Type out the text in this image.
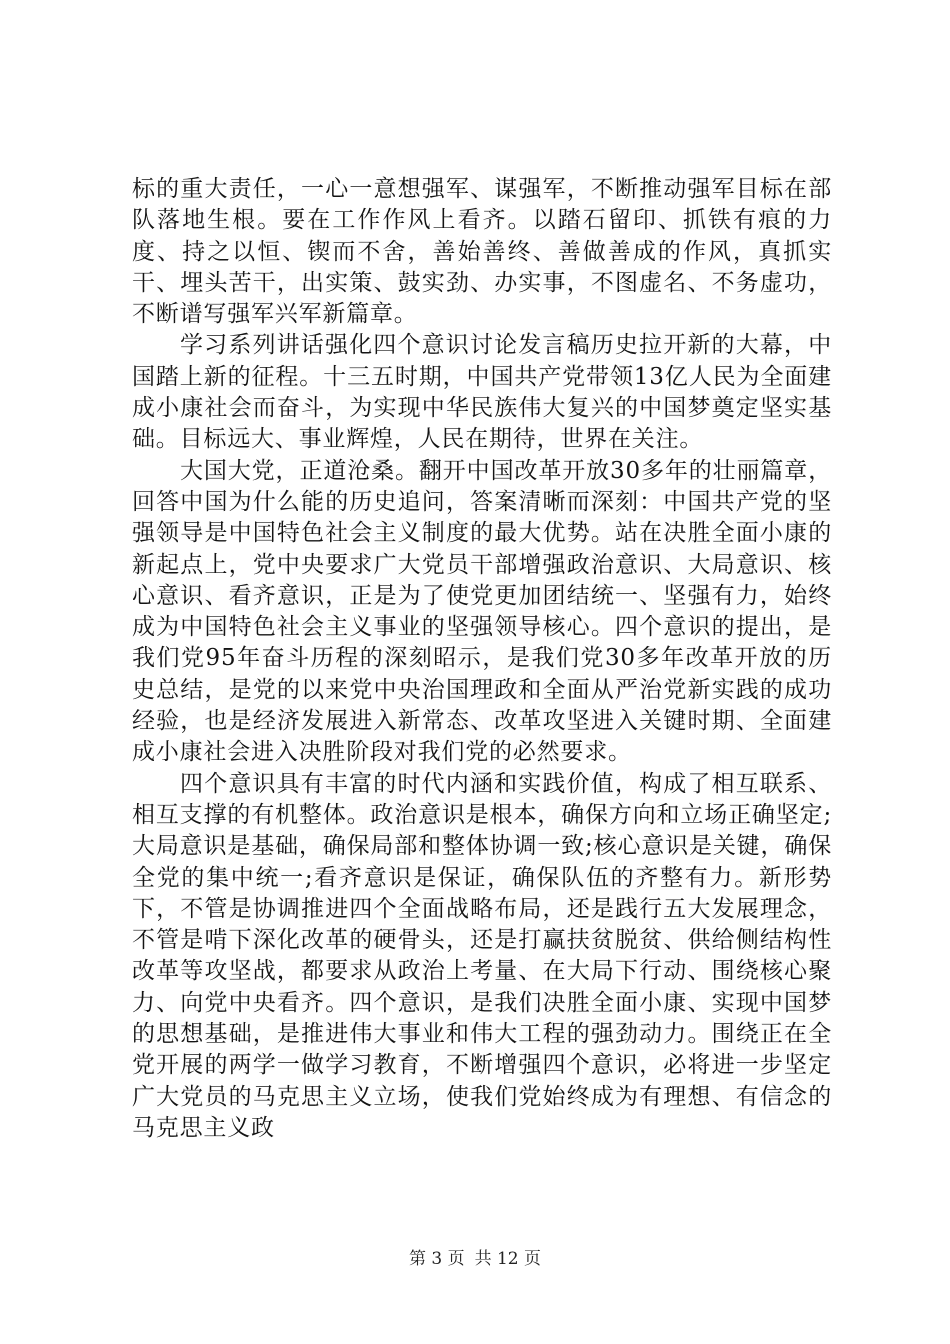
标的重大责任，一心一意想强军、谋强军，不断推动强军目标在部队落地生根。要在工作作风上看齐。以踏石留印、抓铁有痕的力度、持之以恒、锲而不舍，善始善终、善做善成的作风，真抓实干、埋头苦干，出实策、鼓实劲、办实事，不图虚名、不务虚功，不断谱写强军兴军新篇章。

学习系列讲话强化四个意识讨论发言稿历史拉开新的大幕，中国踏上新的征程。十三五时期，中国共产党带领13亿人民为全面建成小康社会而奋斗，为实现中华民族伟大复兴的中国梦奠定坚实基础。目标远大、事业辉煌，人民在期待，世界在关注。

大国大党，正道沧桑。翻开中国改革开放30多年的壮丽篇章，回答中国为什么能的历史追问，答案清晰而深刻：中国共产党的坚强领导是中国特色社会主义制度的最大优势。站在决胜全面小康的新起点上，党中央要求广大党员干部增强政治意识、大局意识、核心意识、看齐意识，正是为了使党更加团结统一、坚强有力，始终成为中国特色社会主义事业的坚强领导核心。四个意识的提出，是我们党95年奋斗历程的深刻昭示，是我们党30多年改革开放的历史总结，是党的以来党中央治国理政和全面从严治党新实践的成功经验，也是经济发展进入新常态、改革攻坚进入关键时期、全面建成小康社会进入决胜阶段对我们党的必然要求。

四个意识具有丰富的时代内涵和实践价值，构成了相互联系、相互支撑的有机整体。政治意识是根本，确保方向和立场正确坚定;大局意识是基础，确保局部和整体协调一致;核心意识是关键，确保全党的集中统一;看齐意识是保证，确保队伍的齐整有力。新形势下，不管是协调推进四个全面战略布局，还是践行五大发展理念，不管是啃下深化改革的硬骨头，还是打赢扶贫脱贫、供给侧结构性改革等攻坚战，都要求从政治上考量、在大局下行动、围绕核心聚力、向党中央看齐。四个意识，是我们决胜全面小康、实现中国梦的思想基础，是推进伟大事业和伟大工程的强劲动力。围绕正在全党开展的两学一做学习教育，不断增强四个意识，必将进一步坚定广大党员的马克思主义立场，使我们党始终成为有理想、有信念的马克思主义政

第 3 页 共 12 页
